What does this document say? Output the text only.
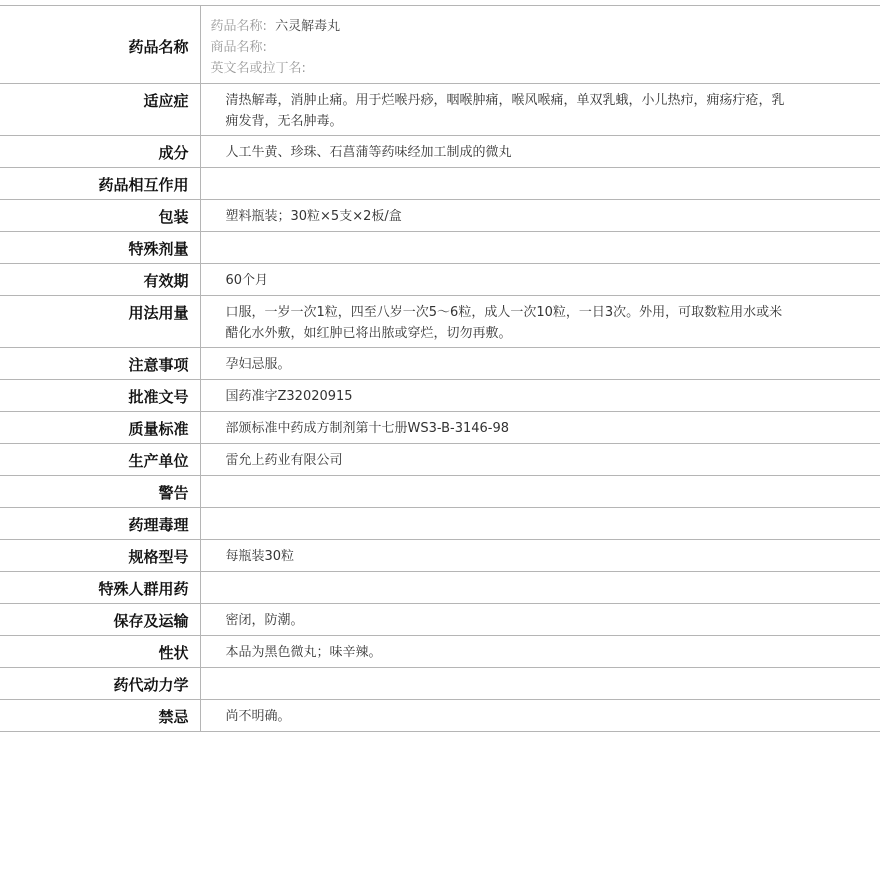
药品名称	药品名称: 六灵解毒丸
商品名称:
英文名或拉丁名:

适应症	清热解毒，消肿止痛。用于烂喉丹痧，咽喉肿痛，喉风喉痛，单双乳蛾，小儿热疖，痈疡疔疮，乳痈发背，无名肿毒。
成分	人工牛黄、珍珠、石菖蒲等药味经加工制成的微丸
药品相互作用	
包装	塑料瓶装；30粒×5支×2板/盒
特殊剂量	
有效期	60个月
用法用量	口服，一岁一次1粒，四至八岁一次5～6粒，成人一次10粒，一日3次。外用，可取数粒用水或米醋化水外敷，如红肿已将出脓或穿烂，切勿再敷。
注意事项	孕妇忌服。
批准文号	国药准字Z32020915
质量标准	部颁标准中药成方制剂第十七册WS3-B-3146-98
生产单位	雷允上药业有限公司
警告	
药理毒理	
规格型号	每瓶装30粒
特殊人群用药	
保存及运输	密闭，防潮。
性状	本品为黑色微丸；味辛辣。
药代动力学	
禁忌	尚不明确。
